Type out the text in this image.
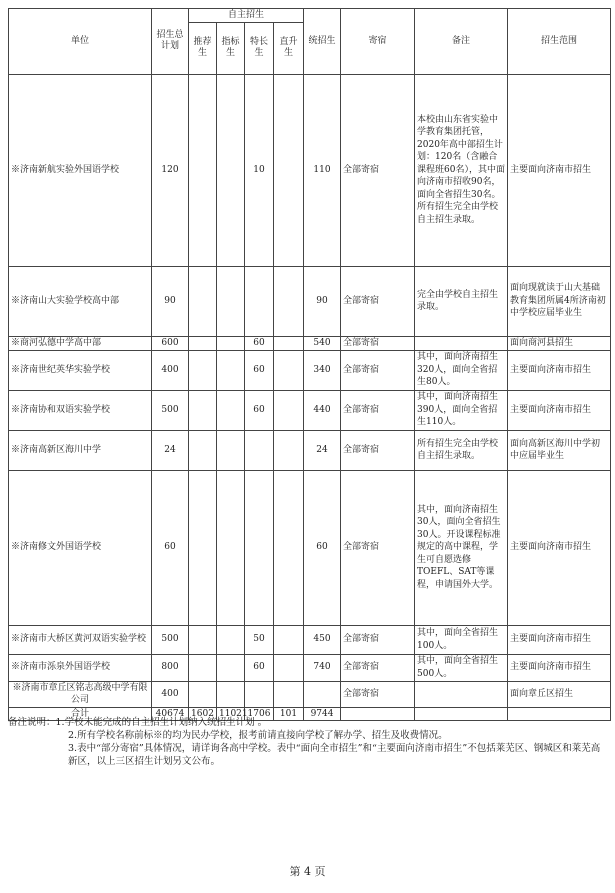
单位	招生总计划	自主招生				统招生	寄宿	备注	招生范围
		推荐生	指标生	特长生	直升生				
※济南新航实验外国语学校	120			10		110	全部寄宿	本校由山东省实验中学教育集团托管，2020年高中部招生计划：120名（含融合课程班60名），其中面向济南市招收90名，面向全省招生30名。所有招生完全由学校自主招生录取。	主要面向济南市招生
※济南山大实验学校高中部	90					90	全部寄宿	完全由学校自主招生录取。	面向现就读于山大基础教育集团所属4所济南初中学校应届毕业生
※商河弘德中学高中部	600			60		540	全部寄宿		面向商河县招生
※济南世纪英华实验学校	400			60		340	全部寄宿	其中，面向济南招生320人，面向全省招生80人。	主要面向济南市招生
※济南协和双语实验学校	500			60		440	全部寄宿	其中，面向济南招生390人，面向全省招生110人。	主要面向济南市招生
※济南高新区海川中学	24					24	全部寄宿	所有招生完全由学校自主招生录取。	面向高新区海川中学初中应届毕业生
※济南修文外国语学校	60					60	全部寄宿	其中，面向济南招生30人，面向全省招生30人。开设课程标准规定的高中课程，学生可自愿选修TOEFL、SAT等课程，申请国外大学。	主要面向济南市招生
※济南市大桥区黄河双语实验学校	500			50		450	全部寄宿	其中，面向全省招生100人。	主要面向济南市招生
※济南市泺泉外国语学校	800			60		740	全部寄宿	其中，面向全省招生500人。	主要面向济南市招生
※济南市章丘区铭志高级中学有限公司	400						全部寄宿		面向章丘区招生
合计	40674	1602	11021	1706	101	9744			

备注说明：1.学校未能完成的自主招生计划纳入统招生计划 。

2.所有学校名称前标※的均为民办学校，报考前请直接向学校了解办学、招生及收费情况。

3.表中“部分寄宿”具体情况，请详询各高中学校。表中“面向全市招生”和“主要面向济南市招生”不包括莱芜区、钢城区和莱芜高新区，以上三区招生计划另文公布。

第 4 页
